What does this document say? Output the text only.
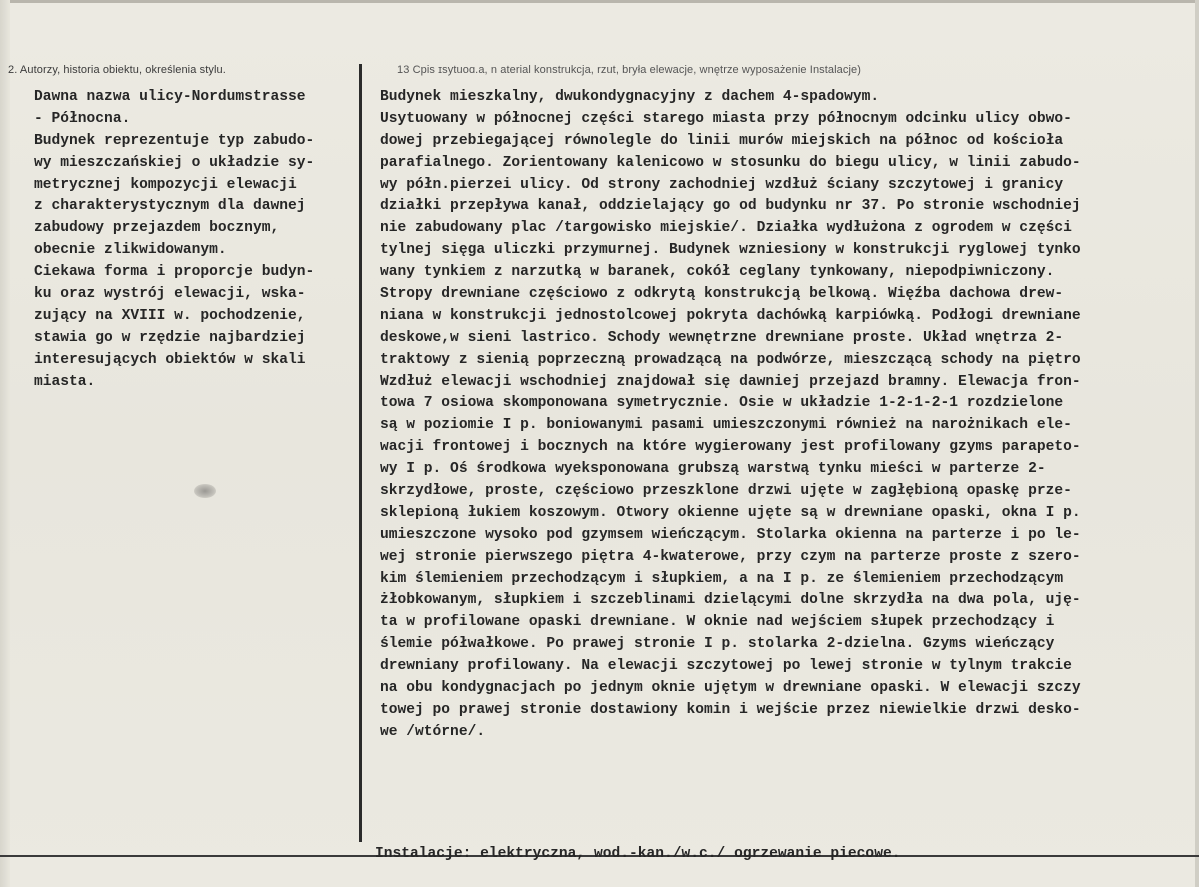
2. Autorzy, historia obiektu, określenia stylu.	13 Cpis ɪsytuoɑ.a, n aterial konstrukcja, rzut, bryła elewacje, wnętrze wyposażenie Instalacje)
Dawna nazwa ulicy-Nordumstrasse
- Północna.
Budynek reprezentuje typ zabudo-
wy mieszczańskiej o układzie sy-
metrycznej kompozycji elewacji
z charakterystycznym dla dawnej
zabudowy przejazdem bocznym,
obecnie zlikwidowanym.
Ciekawa forma i proporcje budyn-
ku oraz wystrój elewacji, wska-
zujący na XVIII w. pochodzenie,
stawia go w rzędzie najbardziej
interesujących obiektów w skali
miasta.
Budynek mieszkalny, dwukondygnacyjny z dachem 4-spadowym.
Usytuowany w północnej części starego miasta przy północnym odcinku ulicy obwo-
dowej przebiegającej równolegle do linii murów miejskich na północ od kościoła
parafialnego. Zorientowany kalenicowo w stosunku do biegu ulicy, w linii zabudo-
wy półn.pierzei ulicy. Od strony zachodniej wzdłuż ściany szczytowej i granicy
działki przepływa kanał, oddzielający go od budynku nr 37. Po stronie wschodniej
nie zabudowany plac /targowisko miejskie/. Działka wydłużona z ogrodem w części
tylnej sięga uliczki przymurnej. Budynek wzniesiony w konstrukcji ryglowej tynko
wany tynkiem z narzutką w baranek, cokół ceglany tynkowany, niepodpiwniczony.
Stropy drewniane częściowo z odkrytą konstrukcją belkową. Więźba dachowa drew-
niana w konstrukcji jednostolcowej pokryta dachówką karpiówką. Podłogi drewniane
deskowe,w sieni lastrico. Schody wewnętrzne drewniane proste. Układ wnętrza 2-
traktowy z sienią poprzeczną prowadzącą na podwórze, mieszczącą schody na piętro
Wzdłuż elewacji wschodniej znajdował się dawniej przejazd bramny. Elewacja fron-
towa 7 osiowa skomponowana symetrycznie. Osie w układzie 1-2-1-2-1 rozdzielone
są w poziomie I p. boniowanymi pasami umieszczonymi również na narożnikach ele-
wacji frontowej i bocznych na które wygierowany jest profilowany gzyms parapeto-
wy I p. Oś środkowa wyeksponowana grubszą warstwą tynku mieści w parterze 2-
skrzydłowe, proste, częściowo przeszklone drzwi ujęte w zagłębioną opaskę prze-
sklepioną łukiem koszowym. Otwory okienne ujęte są w drewniane opaski, okna I p.
umieszczone wysoko pod gzymsem wieńczącym. Stolarka okienna na parterze i po le-
wej stronie pierwszego piętra 4-kwaterowe, przy czym na parterze proste z szero-
kim ślemieniem przechodzącym i słupkiem, a na I p. ze ślemieniem przechodzącym
żłobkowanym, słupkiem i szczeblinami dzielącymi dolne skrzydła na dwa pola, uję-
ta w profilowane opaski drewniane. W oknie nad wejściem słupek przechodzący i
ślemie półwałkowe. Po prawej stronie I p. stolarka 2-dzielna. Gzyms wieńczący
drewniany profilowany. Na elewacji szczytowej po lewej stronie w tylnym trakcie
na obu kondygnacjach po jednym oknie ujętym w drewniane opaski. W elewacji szczy
towej po prawej stronie dostawiony komin i wejście przez niewielkie drzwi desko-
we /wtórne/.
Instalacje: elektryczna, wod.-kan./w.c./ ogrzewanie piecowe.
